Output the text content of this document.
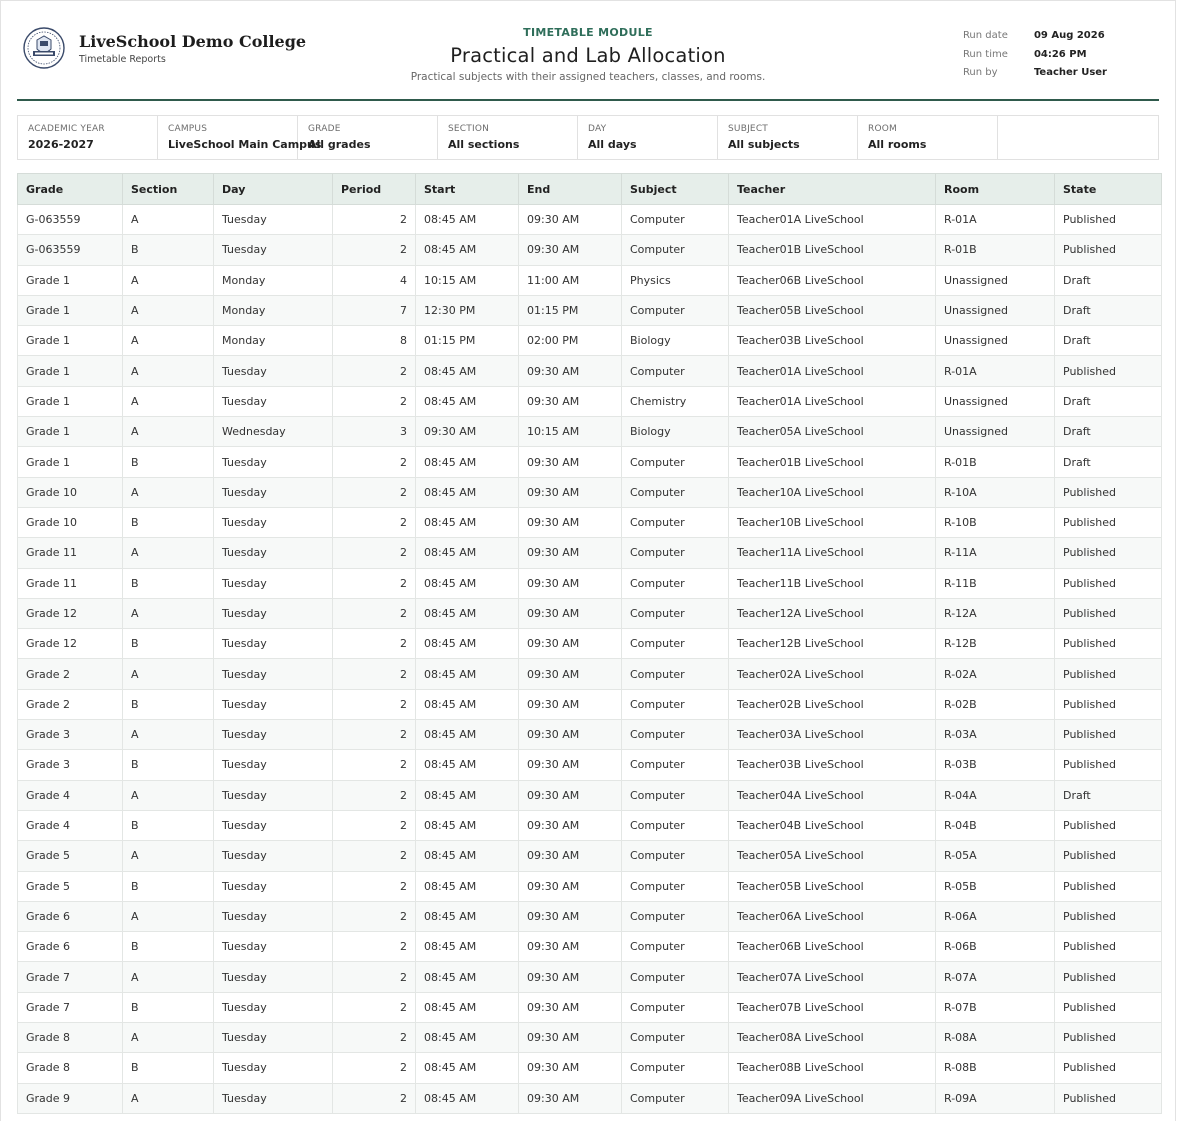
LiveSchool Demo College
Timetable Reports
TIMETABLE MODULE
Practical and Lab Allocation
Practical subjects with their assigned teachers, classes, and rooms.
Run date	09 Aug 2026
Run time	04:26 PM
Run by	Teacher User
ACADEMIC YEAR
2026-2027
CAMPUS
LiveSchool Main Campus
GRADE
All grades
SECTION
All sections
DAY
All days
SUBJECT
All subjects
ROOM
All rooms
Grade	Section	Day	Period	Start	End	Subject	Teacher	Room	State
G-063559	A	Tuesday	2	08:45 AM	09:30 AM	Computer	Teacher01A LiveSchool	R-01A	Published
G-063559	B	Tuesday	2	08:45 AM	09:30 AM	Computer	Teacher01B LiveSchool	R-01B	Published
Grade 1	A	Monday	4	10:15 AM	11:00 AM	Physics	Teacher06B LiveSchool	Unassigned	Draft
Grade 1	A	Monday	7	12:30 PM	01:15 PM	Computer	Teacher05B LiveSchool	Unassigned	Draft
Grade 1	A	Monday	8	01:15 PM	02:00 PM	Biology	Teacher03B LiveSchool	Unassigned	Draft
Grade 1	A	Tuesday	2	08:45 AM	09:30 AM	Computer	Teacher01A LiveSchool	R-01A	Published
Grade 1	A	Tuesday	2	08:45 AM	09:30 AM	Chemistry	Teacher01A LiveSchool	Unassigned	Draft
Grade 1	A	Wednesday	3	09:30 AM	10:15 AM	Biology	Teacher05A LiveSchool	Unassigned	Draft
Grade 1	B	Tuesday	2	08:45 AM	09:30 AM	Computer	Teacher01B LiveSchool	R-01B	Draft
Grade 10	A	Tuesday	2	08:45 AM	09:30 AM	Computer	Teacher10A LiveSchool	R-10A	Published
Grade 10	B	Tuesday	2	08:45 AM	09:30 AM	Computer	Teacher10B LiveSchool	R-10B	Published
Grade 11	A	Tuesday	2	08:45 AM	09:30 AM	Computer	Teacher11A LiveSchool	R-11A	Published
Grade 11	B	Tuesday	2	08:45 AM	09:30 AM	Computer	Teacher11B LiveSchool	R-11B	Published
Grade 12	A	Tuesday	2	08:45 AM	09:30 AM	Computer	Teacher12A LiveSchool	R-12A	Published
Grade 12	B	Tuesday	2	08:45 AM	09:30 AM	Computer	Teacher12B LiveSchool	R-12B	Published
Grade 2	A	Tuesday	2	08:45 AM	09:30 AM	Computer	Teacher02A LiveSchool	R-02A	Published
Grade 2	B	Tuesday	2	08:45 AM	09:30 AM	Computer	Teacher02B LiveSchool	R-02B	Published
Grade 3	A	Tuesday	2	08:45 AM	09:30 AM	Computer	Teacher03A LiveSchool	R-03A	Published
Grade 3	B	Tuesday	2	08:45 AM	09:30 AM	Computer	Teacher03B LiveSchool	R-03B	Published
Grade 4	A	Tuesday	2	08:45 AM	09:30 AM	Computer	Teacher04A LiveSchool	R-04A	Draft
Grade 4	B	Tuesday	2	08:45 AM	09:30 AM	Computer	Teacher04B LiveSchool	R-04B	Published
Grade 5	A	Tuesday	2	08:45 AM	09:30 AM	Computer	Teacher05A LiveSchool	R-05A	Published
Grade 5	B	Tuesday	2	08:45 AM	09:30 AM	Computer	Teacher05B LiveSchool	R-05B	Published
Grade 6	A	Tuesday	2	08:45 AM	09:30 AM	Computer	Teacher06A LiveSchool	R-06A	Published
Grade 6	B	Tuesday	2	08:45 AM	09:30 AM	Computer	Teacher06B LiveSchool	R-06B	Published
Grade 7	A	Tuesday	2	08:45 AM	09:30 AM	Computer	Teacher07A LiveSchool	R-07A	Published
Grade 7	B	Tuesday	2	08:45 AM	09:30 AM	Computer	Teacher07B LiveSchool	R-07B	Published
Grade 8	A	Tuesday	2	08:45 AM	09:30 AM	Computer	Teacher08A LiveSchool	R-08A	Published
Grade 8	B	Tuesday	2	08:45 AM	09:30 AM	Computer	Teacher08B LiveSchool	R-08B	Published
Grade 9	A	Tuesday	2	08:45 AM	09:30 AM	Computer	Teacher09A LiveSchool	R-09A	Published
